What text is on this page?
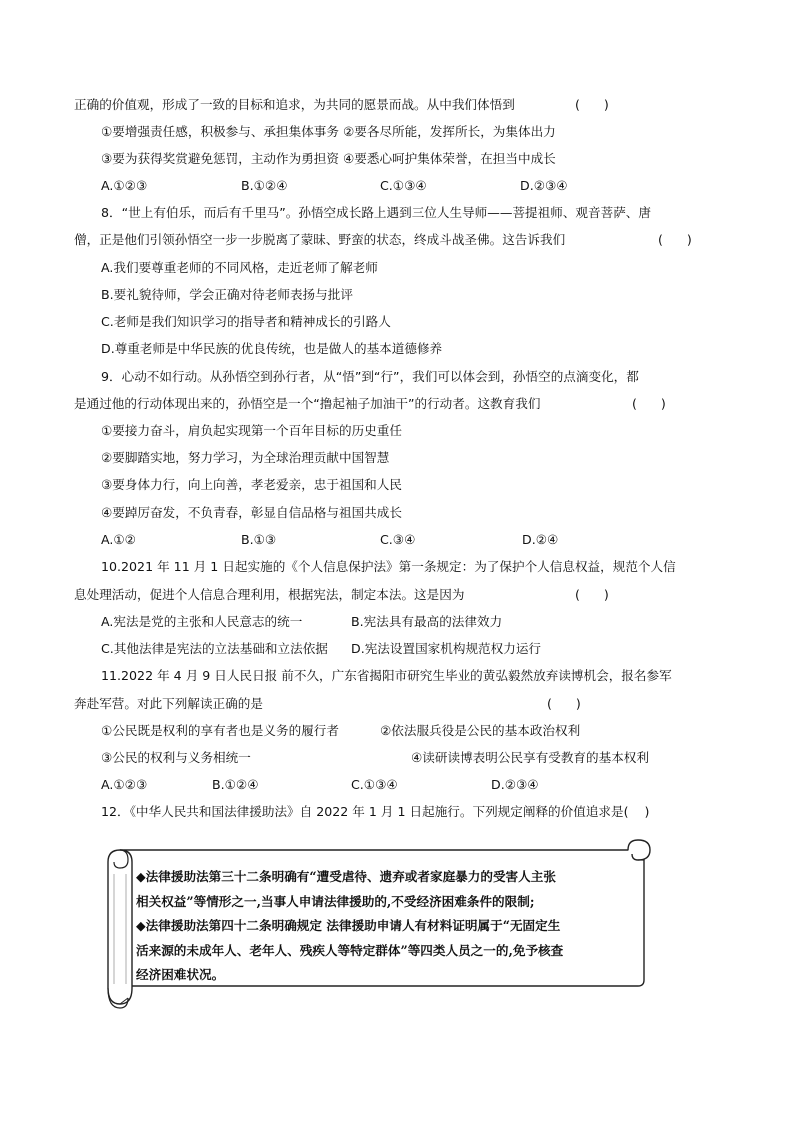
正确的价值观，形成了一致的目标和追求，为共同的愿景而战。从中我们体悟到	(      )
①要增强责任感，积极参与、承担集体事务 ②要各尽所能，发挥所长，为集体出力
③要为获得奖赏避免惩罚，主动作为勇担资 ④要悉心呵护集体荣誉，在担当中成长
A.①②③	B.①②④	C.①③④	D.②③④
8．“世上有伯乐，而后有千里马”。孙悟空成长路上遇到三位人生导师——菩提祖师、观音菩萨、唐
僧，正是他们引领孙悟空一步一步脱离了蒙昧、野蛮的状态，终成斗战圣佛。这告诉我们	(      )
A.我们要尊重老师的不同风格，走近老师了解老师
B.要礼貌待师，学会正确对待老师表扬与批评
C.老师是我们知识学习的指导者和精神成长的引路人
D.尊重老师是中华民族的优良传统，也是做人的基本道德修养
9．心动不如行动。从孙悟空到孙行者，从“悟”到“行”，我们可以体会到，孙悟空的点滴变化，都
是通过他的行动体现出来的，孙悟空是一个“撸起袖子加油干”的行动者。这教育我们	(      )
①要接力奋斗，肩负起实现第一个百年目标的历史重任
②要脚踏实地，努力学习，为全球治理贡献中国智慧
③要身体力行，向上向善，孝老爱亲，忠于祖国和人民
④要踔厉奋发，不负青春，彰显自信品格与祖国共成长
A.①②	B.①③	C.③④	D.②④
10.2021 年 11 月 1 日起实施的《个人信息保护法》第一条规定：为了保护个人信息权益，规范个人信
息处理活动，促进个人信息合理利用，根据宪法，制定本法。这是因为	(      )
A.宪法是党的主张和人民意志的统一	B.宪法具有最高的法律效力
C.其他法律是宪法的立法基础和立法依据 D.宪法设置国家机构规范权力运行
11.2022 年 4 月 9 日人民日报 前不久，广东省揭阳市研究生毕业的黄弘毅然放弃读博机会，报名参军
奔赴军营。对此下列解读正确的是	(      )
①公民既是权利的享有者也是义务的履行者	②依法服兵役是公民的基本政治权利
③公民的权利与义务相统一	④读研读博表明公民享有受教育的基本权利
A.①②③	B.①②④	C.①③④	D.②③④
12．《中华人民共和国法律援助法》自 2022 年 1 月 1 日起施行。下列规定阐释的价值追求是(    )

◆法律援助法第三十二条明确有“遭受虐待、遗弃或者家庭暴力的受害人主张

相关权益”等情形之一,当事人申请法律援助的,不受经济困难条件的限制;

◆法律援助法第四十二条明确规定 法律援助申请人有材料证明属于“无固定生

活来源的未成年人、老年人、残疾人等特定群体”等四类人员之一的,免予核查

经济困难状况。
